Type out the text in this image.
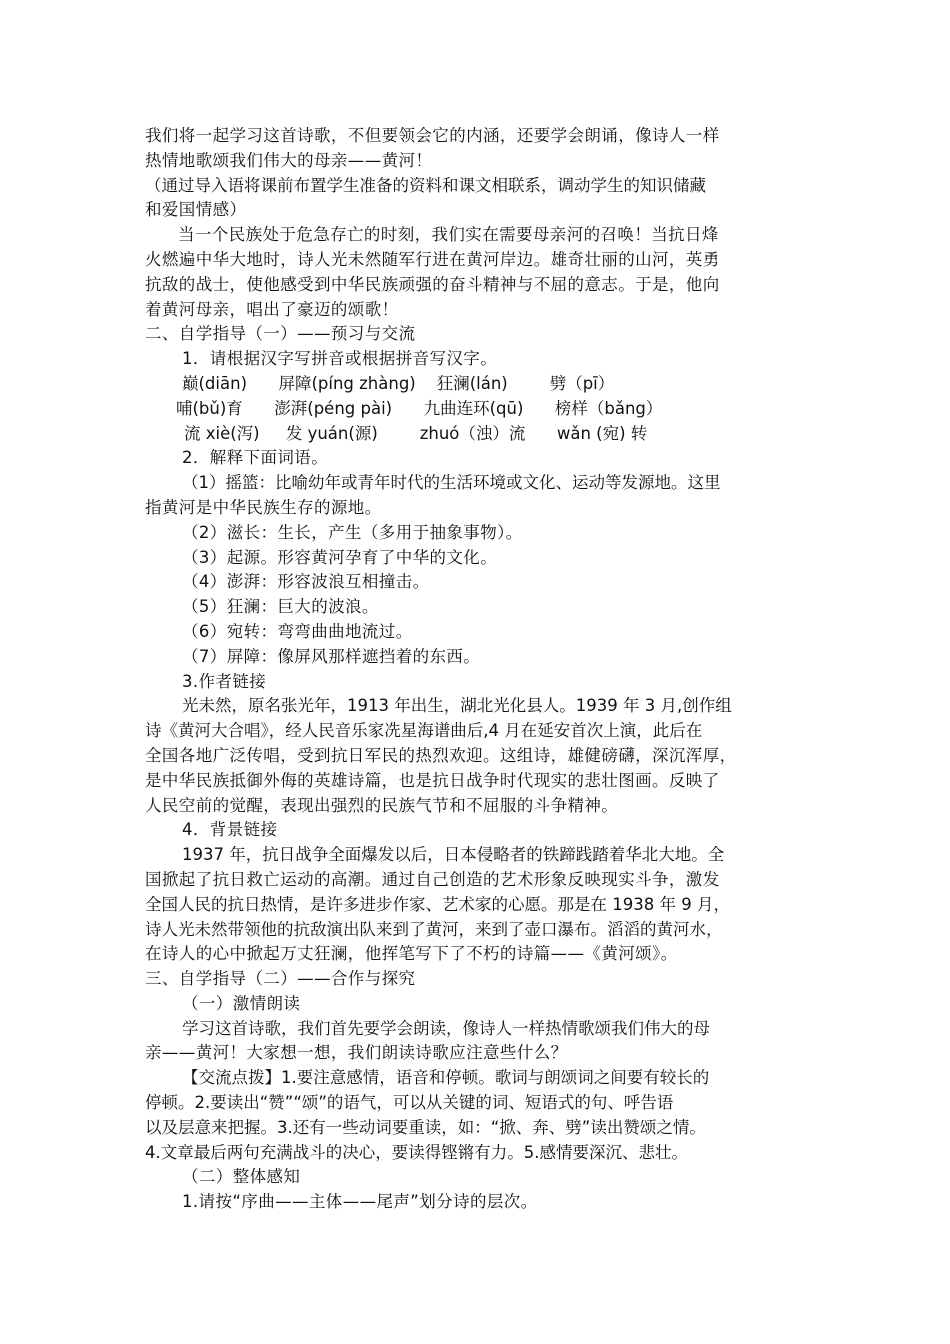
我们将一起学习这首诗歌，不但要领会它的内涵，还要学会朗诵，像诗人一样
热情地歌颂我们伟大的母亲——黄河！
（通过导入语将课前布置学生准备的资料和课文相联系，调动学生的知识储藏
和爱国情感）
当一个民族处于危急存亡的时刻，我们实在需要母亲河的召唤！当抗日烽
火燃遍中华大地时，诗人光未然随军行进在黄河岸边。雄奇壮丽的山河，英勇
抗敌的战士，使他感受到中华民族顽强的奋斗精神与不屈的意志。于是，他向
着黄河母亲，唱出了豪迈的颂歌！
二、自学指导（一）——预习与交流
1．请根据汉字写拼音或根据拼音写汉字。
巅(diān)      屏障(píng zhàng)    狂澜(lán)        劈（pī）
哺(bǔ)育      澎湃(péng pài)      九曲连环(qū)      榜样（bǎng）
流 xiè(泻)     发 yuán(源)        zhuó（浊）流      wǎn (宛) 转
2．解释下面词语。
（1）摇篮：比喻幼年或青年时代的生活环境或文化、运动等发源地。这里
指黄河是中华民族生存的源地。
（2）滋长：生长，产生（多用于抽象事物）。
（3）起源。形容黄河孕育了中华的文化。
（4）澎湃：形容波浪互相撞击。
（5）狂澜：巨大的波浪。
（6）宛转：弯弯曲曲地流过。
（7）屏障：像屏风那样遮挡着的东西。
3.作者链接
光未然，原名张光年，1913 年出生，湖北光化县人。1939 年 3 月,创作组
诗《黄河大合唱》，经人民音乐家冼星海谱曲后,4 月在延安首次上演，此后在
全国各地广泛传唱，受到抗日军民的热烈欢迎。这组诗，雄健磅礴，深沉浑厚，
是中华民族抵御外侮的英雄诗篇，也是抗日战争时代现实的悲壮图画。反映了
人民空前的觉醒，表现出强烈的民族气节和不屈服的斗争精神。
4．背景链接
1937 年，抗日战争全面爆发以后，日本侵略者的铁蹄践踏着华北大地。全
国掀起了抗日救亡运动的高潮。通过自己创造的艺术形象反映现实斗争，激发
全国人民的抗日热情，是许多进步作家、艺术家的心愿。那是在 1938 年 9 月，
诗人光未然带领他的抗敌演出队来到了黄河，来到了壶口瀑布。滔滔的黄河水，
在诗人的心中掀起万丈狂澜，他挥笔写下了不朽的诗篇——《黄河颂》。
三、自学指导（二）——合作与探究
（一）激情朗读
学习这首诗歌，我们首先要学会朗读，像诗人一样热情歌颂我们伟大的母
亲——黄河！大家想一想，我们朗读诗歌应注意些什么？
【交流点拨】1.要注意感情，语音和停顿。歌词与朗颂词之间要有较长的
停顿。2.要读出“赞”“颂”的语气，可以从关键的词、短语式的句、呼告语
以及层意来把握。3.还有一些动词要重读，如：“掀、奔、劈”读出赞颂之情。
4.文章最后两句充满战斗的决心，要读得铿锵有力。5.感情要深沉、悲壮。
（二）整体感知
1.请按“序曲——主体——尾声”划分诗的层次。
